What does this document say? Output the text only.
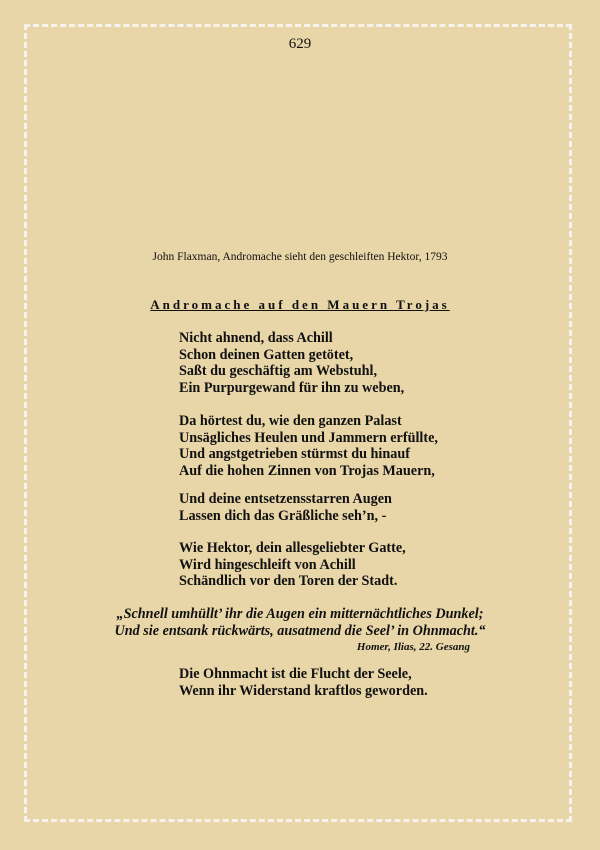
629
John Flaxman, Andromache sieht den geschleiften Hektor, 1793
Andromache auf den Mauern Trojas
Nicht ahnend, dass Achill
Schon deinen Gatten getötet,
Saßt du geschäftig am Webstuhl,
Ein Purpurgewand für ihn zu weben,
Da hörtest du, wie den ganzen Palast
Unsägliches Heulen und Jammern erfüllte,
Und angstgetrieben stürmst du hinauf
Auf die hohen Zinnen von Trojas Mauern,
Und deine entsetzensstarren Augen
Lassen dich das Gräßliche seh’n, -
Wie Hektor, dein allesgeliebter Gatte,
Wird hingeschleift von Achill
Schändlich vor den Toren der Stadt.
„Schnell umhüllt’ ihr die Augen ein mitternächtliches Dunkel;
Und sie entsank rückwärts, ausatmend die Seel’ in Ohnmacht.“
Homer, Ilias, 22. Gesang
Die Ohnmacht ist die Flucht der Seele,
Wenn ihr Widerstand kraftlos geworden.
